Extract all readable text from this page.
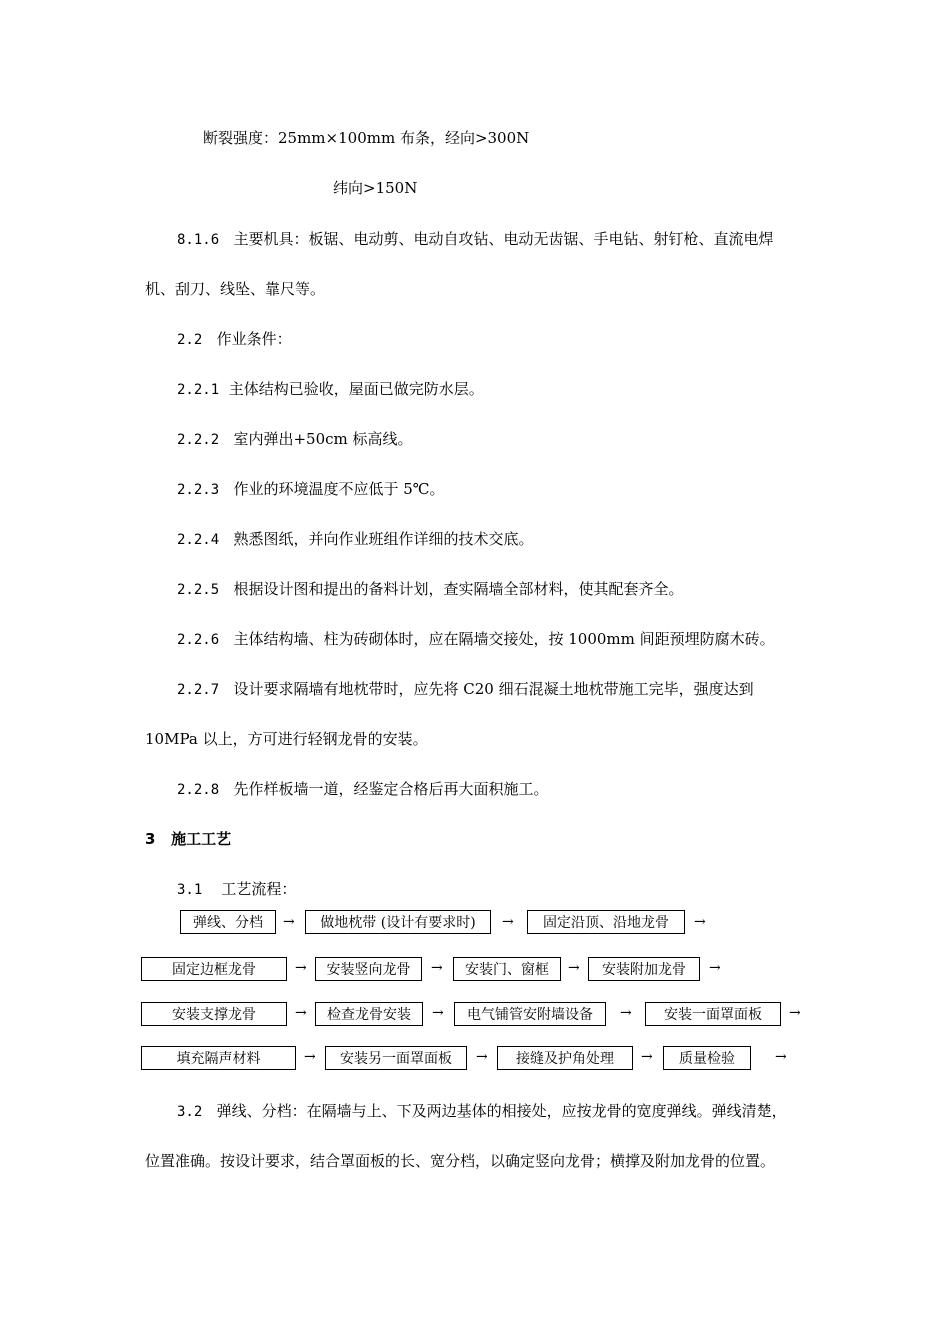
断裂强度：25mm×100mm 布条，经向>300N
纬向>150N
8.1.6 主要机具：板锯、电动剪、电动自攻钻、电动无齿锯、手电钻、射钉枪、直流电焊
机、刮刀、线坠、靠尺等。
2.2 作业条件：
2.2.1 主体结构已验收，屋面已做完防水层。
2.2.2 室内弹出+50cm 标高线。
2.2.3 作业的环境温度不应低于 5℃。
2.2.4 熟悉图纸，并向作业班组作详细的技术交底。
2.2.5 根据设计图和提出的备料计划，查实隔墙全部材料，使其配套齐全。
2.2.6 主体结构墙、柱为砖砌体时，应在隔墙交接处，按 1000mm 间距预埋防腐木砖。
2.2.7 设计要求隔墙有地枕带时，应先将 C20 细石混凝土地枕带施工完毕，强度达到
10MPa 以上，方可进行轻钢龙骨的安装。
2.2.8 先作样板墙一道，经鉴定合格后再大面积施工。
3 施工工艺
3.1 工艺流程：
弹线、分档	→	做地枕带 (设计有要求时)	→	固定沿顶、沿地龙骨	→
固定边框龙骨	→	安装竖向龙骨	→	安装门、窗框	→	安装附加龙骨	→
安装支撑龙骨	→	检查龙骨安装	→	电气铺管安附墙设备	→	安装一面罩面板	→
填充隔声材料	→	安装另一面罩面板	→	接缝及护角处理	→	质量检验	→
3.2 弹线、分档：在隔墙与上、下及两边基体的相接处，应按龙骨的宽度弹线。弹线清楚，
位置准确。按设计要求，结合罩面板的长、宽分档，以确定竖向龙骨；横撑及附加龙骨的位置。
